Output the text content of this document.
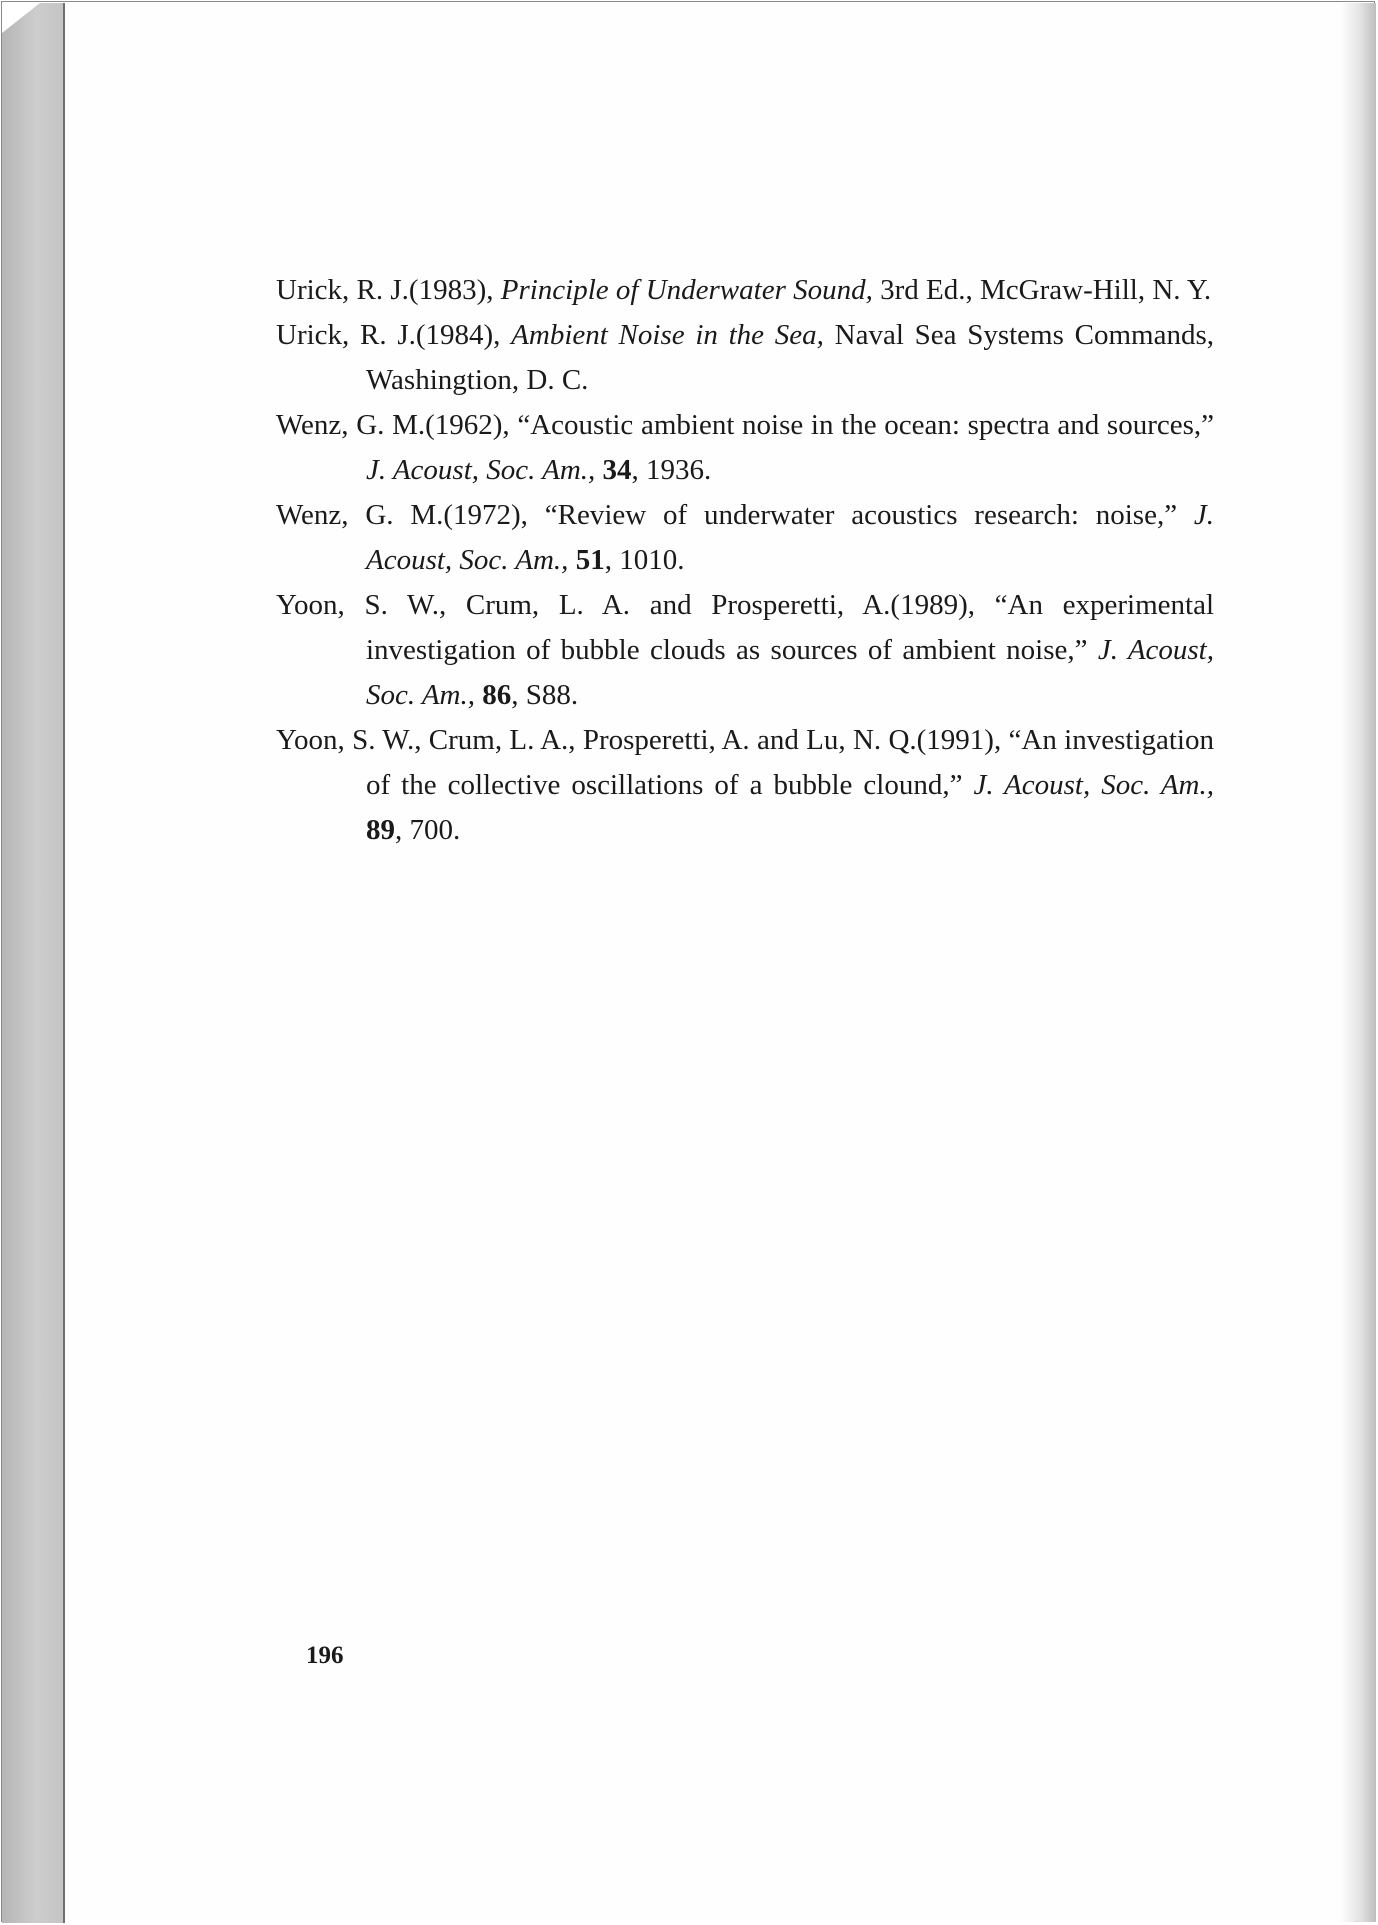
Urick, R. J.(1983), Principle of Underwater Sound, 3rd Ed., McGraw-Hill, N. Y.

Urick, R. J.(1984), Ambient Noise in the Sea, Naval Sea Systems Commands, Washingtion, D. C.

Wenz, G. M.(1962), “Acoustic ambient noise in the ocean: spectra and sources,” J. Acoust, Soc. Am., 34, 1936.

Wenz, G. M.(1972), “Review of underwater acoustics research: noise,” J. Acoust, Soc. Am., 51, 1010.

Yoon, S. W., Crum, L. A. and Prosperetti, A.(1989), “An experimental investigation of bubble clouds as sources of ambient noise,” J. Acoust, Soc. Am., 86, S88.

Yoon, S. W., Crum, L. A., Prosperetti, A. and Lu, N. Q.(1991), “An investigation of the collective oscillations of a bubble clound,” J. Acoust, Soc. Am., 89, 700.

196
